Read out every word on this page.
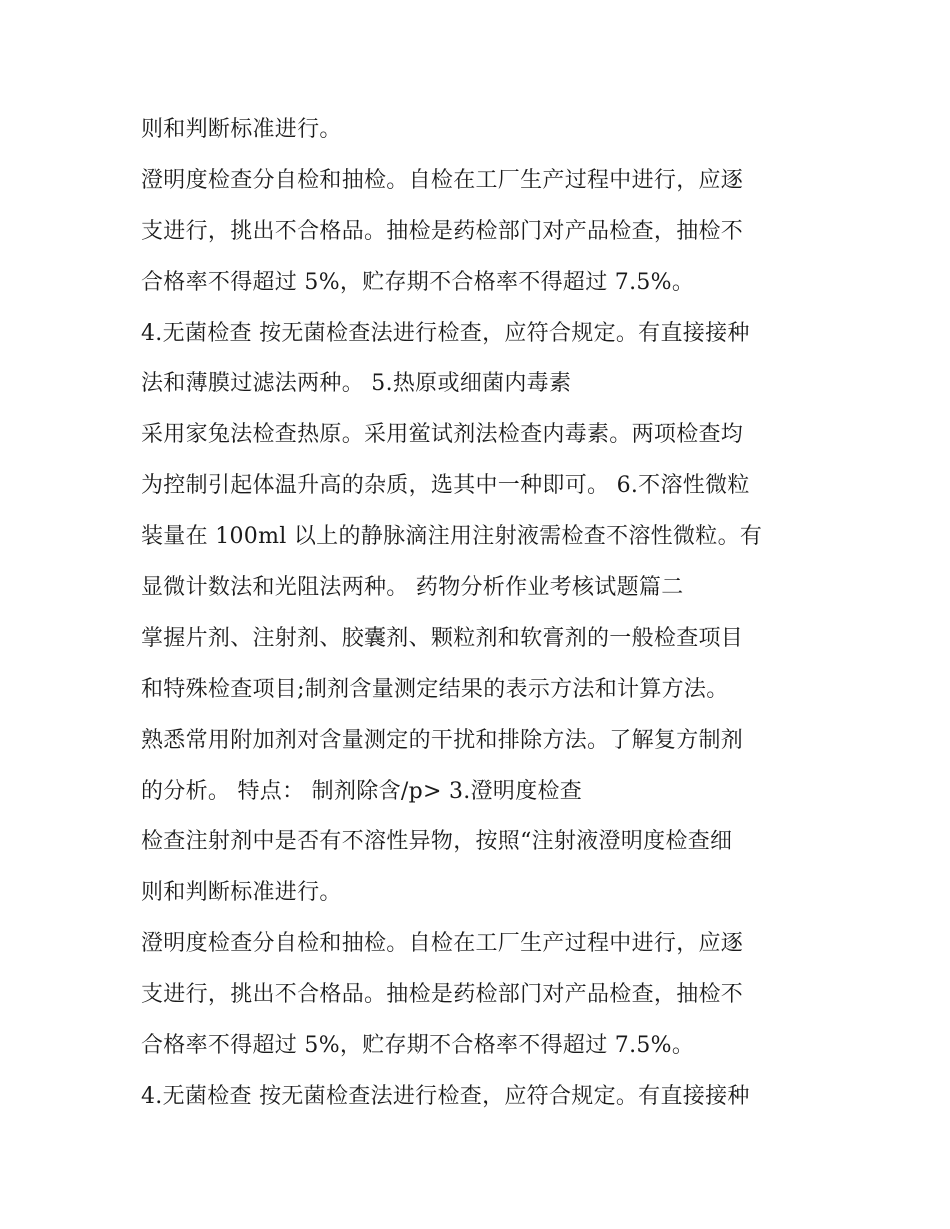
则和判断标准进行。
澄明度检查分自检和抽检。自检在工厂生产过程中进行，应逐
支进行，挑出不合格品。抽检是药检部门对产品检查，抽检不
合格率不得超过 5%，贮存期不合格率不得超过 7.5%。
4.无菌检查 按无菌检查法进行检查，应符合规定。有直接接种
法和薄膜过滤法两种。 5.热原或细菌内毒素
采用家兔法检查热原。采用鲎试剂法检查内毒素。两项检查均
为控制引起体温升高的杂质，选其中一种即可。 6.不溶性微粒
装量在 100ml 以上的静脉滴注用注射液需检查不溶性微粒。有
显微计数法和光阻法两种。 药物分析作业考核试题篇二
掌握片剂、注射剂、胶囊剂、颗粒剂和软膏剂的一般检查项目
和特殊检查项目;制剂含量测定结果的表示方法和计算方法。
熟悉常用附加剂对含量测定的干扰和排除方法。了解复方制剂
的分析。 特点： 制剂除含/p> 3.澄明度检查
检查注射剂中是否有不溶性异物，按照“注射液澄明度检查细
则和判断标准进行。
澄明度检查分自检和抽检。自检在工厂生产过程中进行，应逐
支进行，挑出不合格品。抽检是药检部门对产品检查，抽检不
合格率不得超过 5%，贮存期不合格率不得超过 7.5%。
4.无菌检查 按无菌检查法进行检查，应符合规定。有直接接种
